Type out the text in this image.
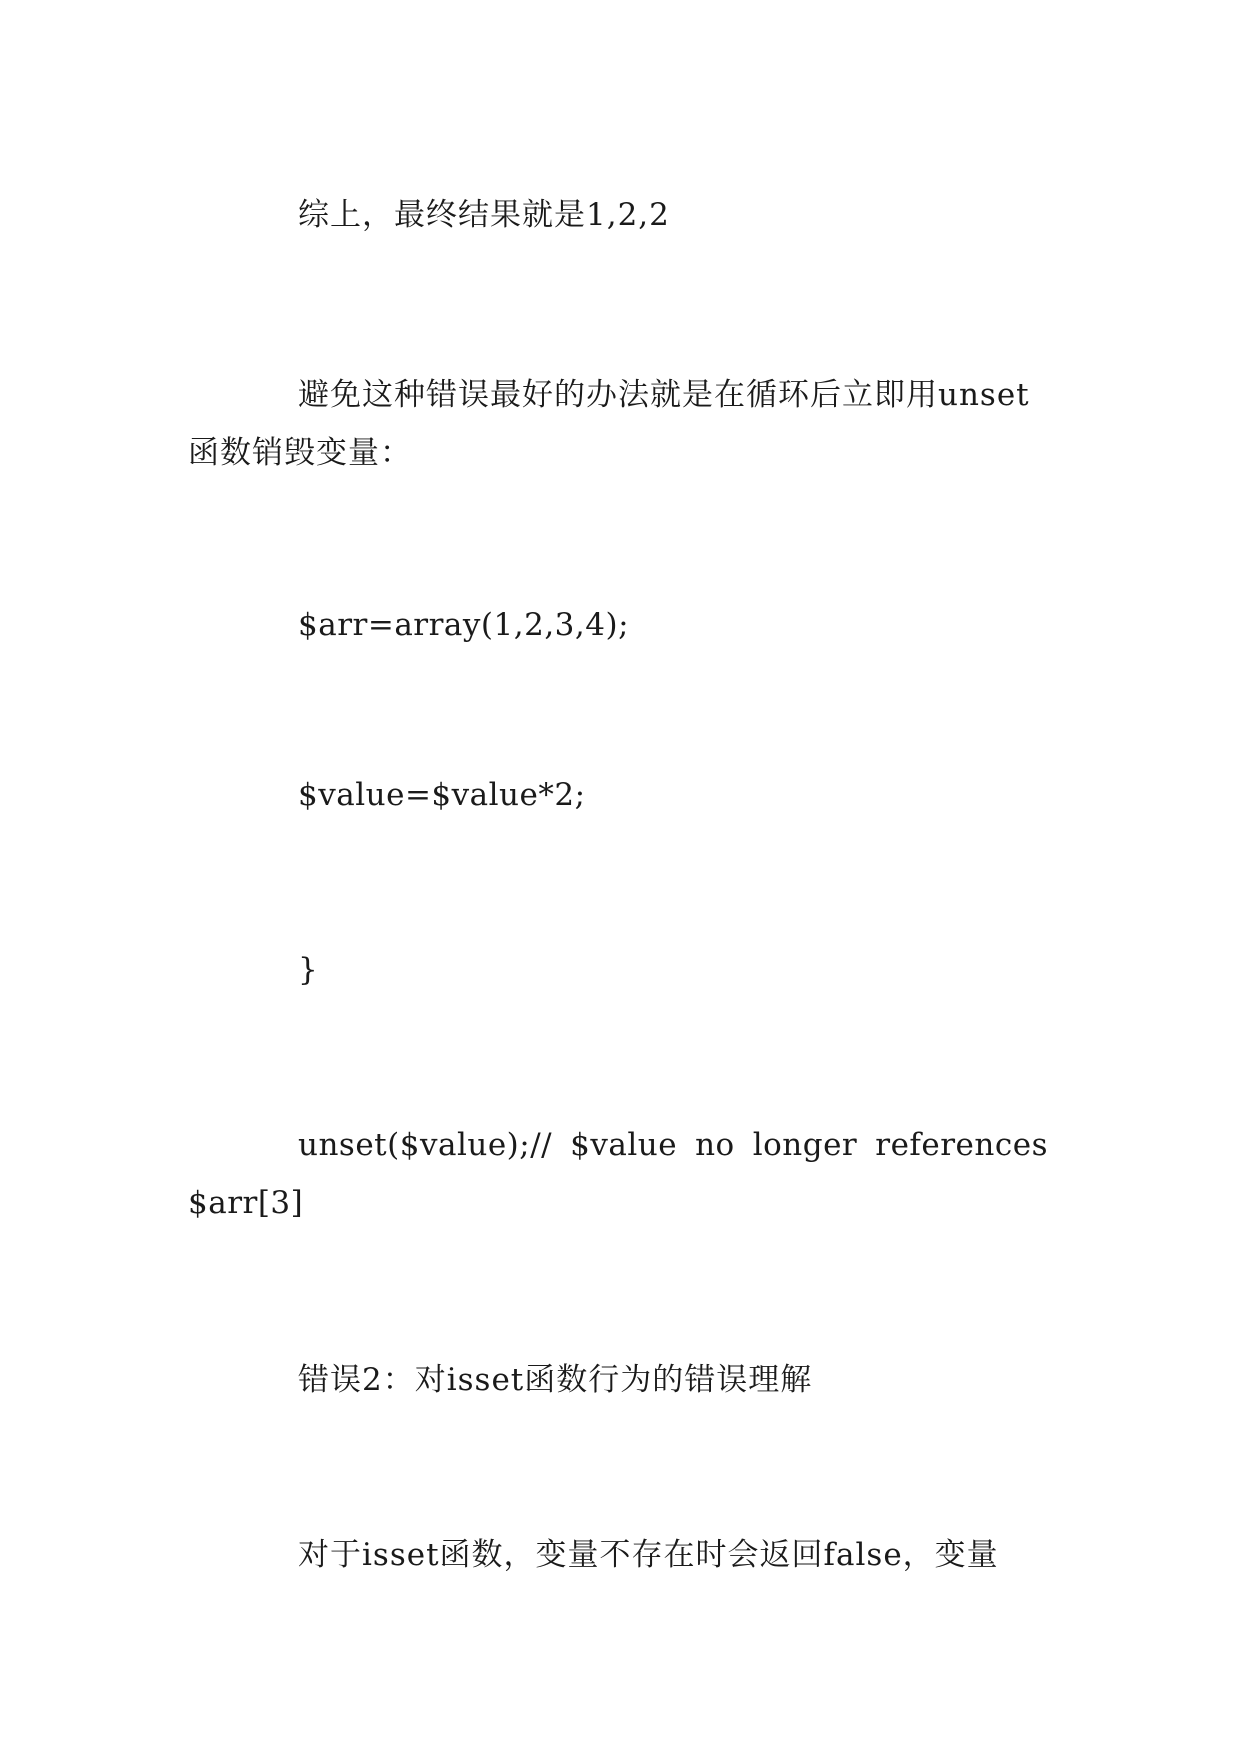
综上，最终结果就是1,2,2

避免这种错误最好的办法就是在循环后立即用unset函数销毁变量：

$arr=array(1,2,3,4);

$value=$value*2;

}

unset($value);// $value no longer references $arr[3]

错误2：对isset函数行为的错误理解

对于isset函数，变量不存在时会返回false，变量
